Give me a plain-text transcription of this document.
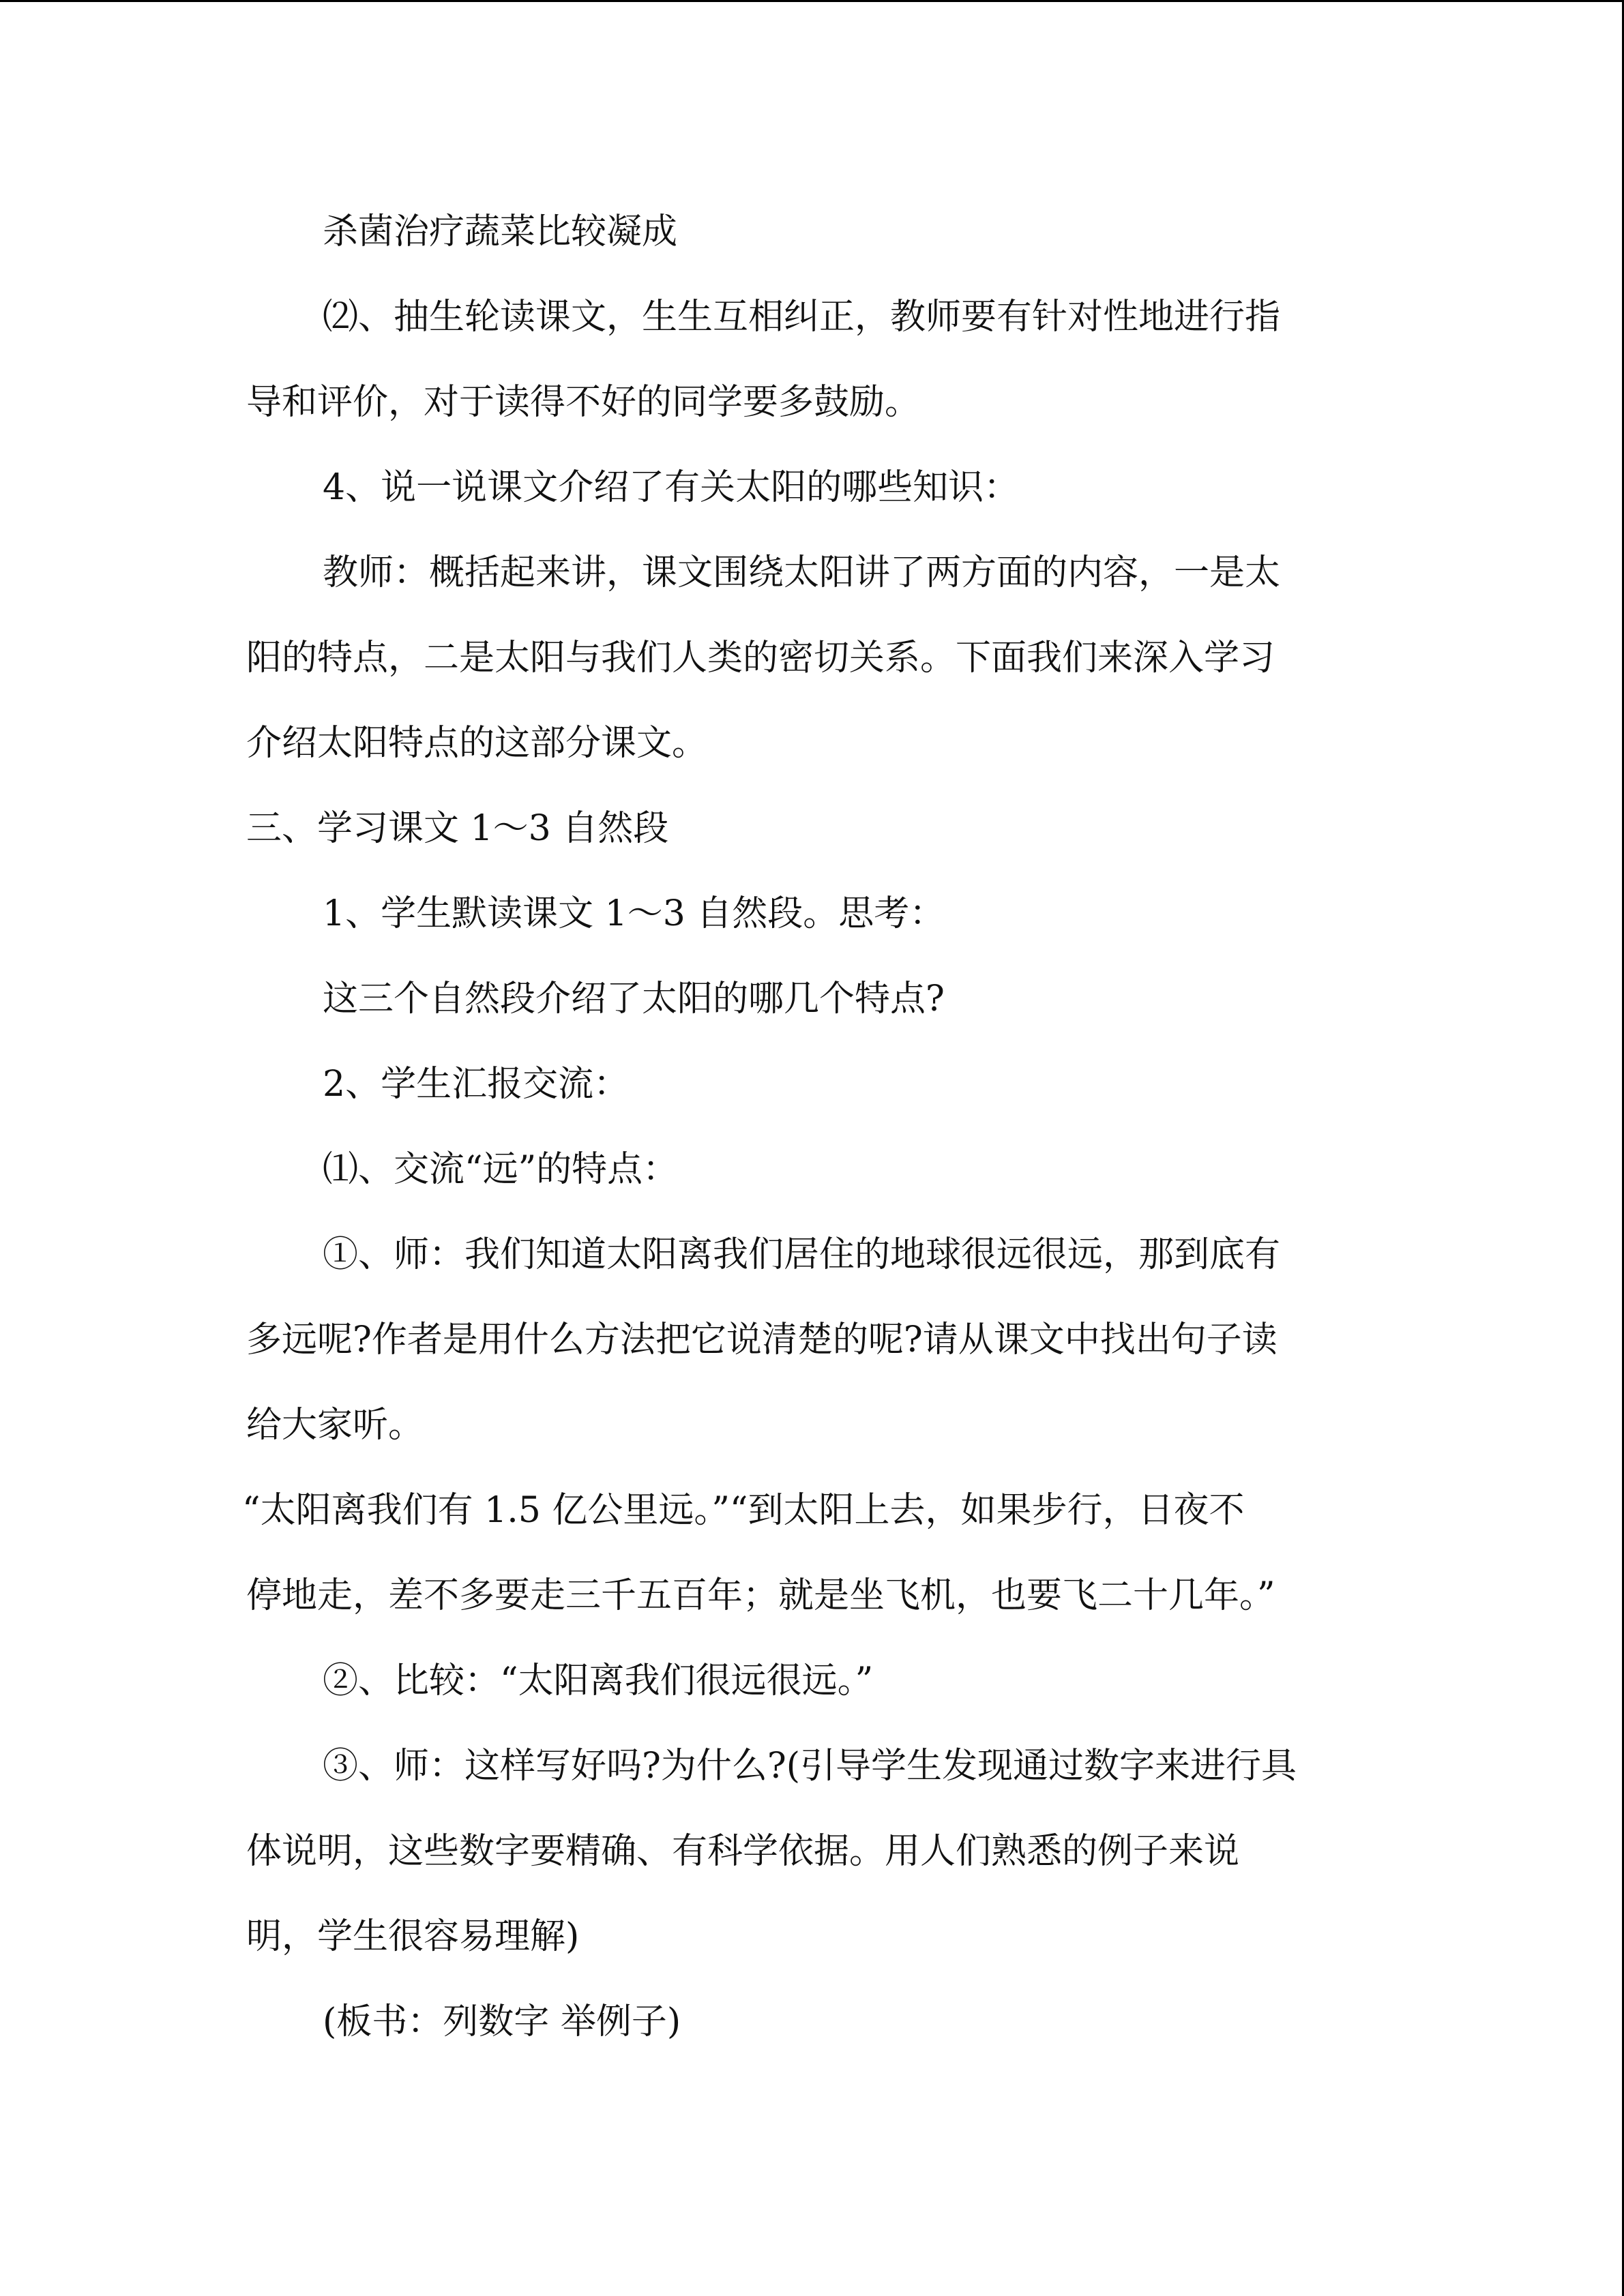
杀菌治疗蔬菜比较凝成
⑵、抽生轮读课文，生生互相纠正，教师要有针对性地进行指
导和评价，对于读得不好的同学要多鼓励。
4、说一说课文介绍了有关太阳的哪些知识：
教师：概括起来讲，课文围绕太阳讲了两方面的内容，一是太
阳的特点，二是太阳与我们人类的密切关系。下面我们来深入学习
介绍太阳特点的这部分课文。
三、学习课文 1～3 自然段
1、学生默读课文 1～3 自然段。思考：
这三个自然段介绍了太阳的哪几个特点?
2、学生汇报交流：
⑴、交流“远”的特点：
①、师：我们知道太阳离我们居住的地球很远很远，那到底有
多远呢?作者是用什么方法把它说清楚的呢?请从课文中找出句子读
给大家听。
“太阳离我们有 1.5 亿公里远。”“到太阳上去，如果步行，日夜不
停地走，差不多要走三千五百年；就是坐飞机，也要飞二十几年。”
②、比较：“太阳离我们很远很远。”
③、师：这样写好吗?为什么?(引导学生发现通过数字来进行具
体说明，这些数字要精确、有科学依据。用人们熟悉的例子来说
明，学生很容易理解)
(板书：列数字 举例子)
